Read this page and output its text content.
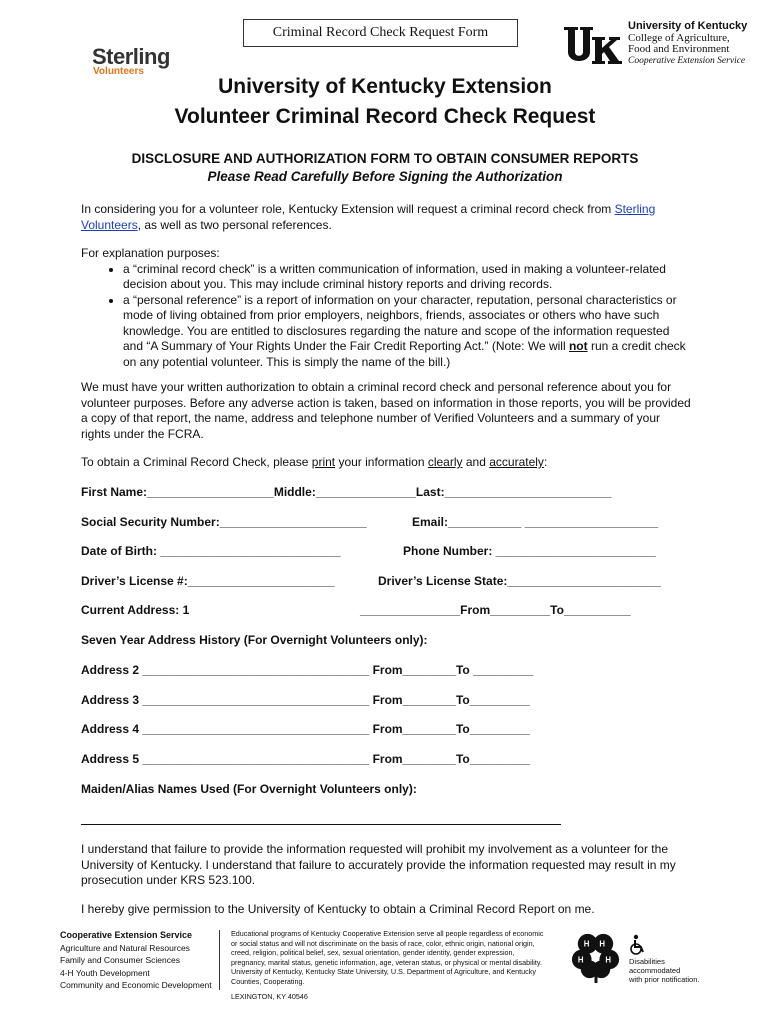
Criminal Record Check Request Form
Sterling
Volunteers
University of Kentucky
College of Agriculture,
Food and Environment
Cooperative Extension Service
University of Kentucky Extension
Volunteer Criminal Record Check Request
DISCLOSURE AND AUTHORIZATION FORM TO OBTAIN CONSUMER REPORTS
Please Read Carefully Before Signing the Authorization
In considering you for a volunteer role, Kentucky Extension will request a criminal record check from Sterling Volunteers, as well as two personal references.
For explanation purposes:
• a “criminal record check” is a written communication of information, used in making a volunteer-related decision about you. This may include criminal history reports and driving records.
• a “personal reference” is a report of information on your character, reputation, personal characteristics or mode of living obtained from prior employers, neighbors, friends, associates or others who have such knowledge. You are entitled to disclosures regarding the nature and scope of the information requested and “A Summary of Your Rights Under the Fair Credit Reporting Act.” (Note: We will not run a credit check on any potential volunteer. This is simply the name of the bill.)
We must have your written authorization to obtain a criminal record check and personal reference about you for volunteer purposes. Before any adverse action is taken, based on information in those reports, you will be provided a copy of that report, the name, address and telephone number of Verified Volunteers and a summary of your rights under the FCRA.
To obtain a Criminal Record Check, please print your information clearly and accurately:
First Name:___________________Middle:_______________Last:_________________________
Social Security Number:______________________	Email:___________ ____________________
Date of Birth: ___________________________	Phone Number: ________________________
Driver’s License #:______________________	Driver’s License State:_______________________
Current Address: 1	_______________From_________To__________
Seven Year Address History (For Overnight Volunteers only):
Address 2 __________________________________ From________To _________
Address 3 __________________________________ From________To_________
Address 4 __________________________________ From________To_________
Address 5 __________________________________ From________To_________
Maiden/Alias Names Used (For Overnight Volunteers only):
I understand that failure to provide the information requested will prohibit my involvement as a volunteer for the University of Kentucky. I understand that failure to accurately provide the information requested may result in my prosecution under KRS 523.100.
I hereby give permission to the University of Kentucky to obtain a Criminal Record Report on me.
Cooperative Extension Service
Agriculture and Natural Resources
Family and Consumer Sciences
4-H Youth Development
Community and Economic Development
Educational programs of Kentucky Cooperative Extension serve all people regardless of economic or social status and will not discriminate on the basis of race, color, ethnic origin, national origin, creed, religion, political belief, sex, sexual orientation, gender identity, gender expression, pregnancy, marital status, genetic information, age, veteran status, or physical or mental disability. University of Kentucky, Kentucky State University, U.S. Department of Agriculture, and Kentucky Counties, Cooperating.
LEXINGTON, KY 40546
H H
H	H Disabilities
accommodated
with prior notification.
